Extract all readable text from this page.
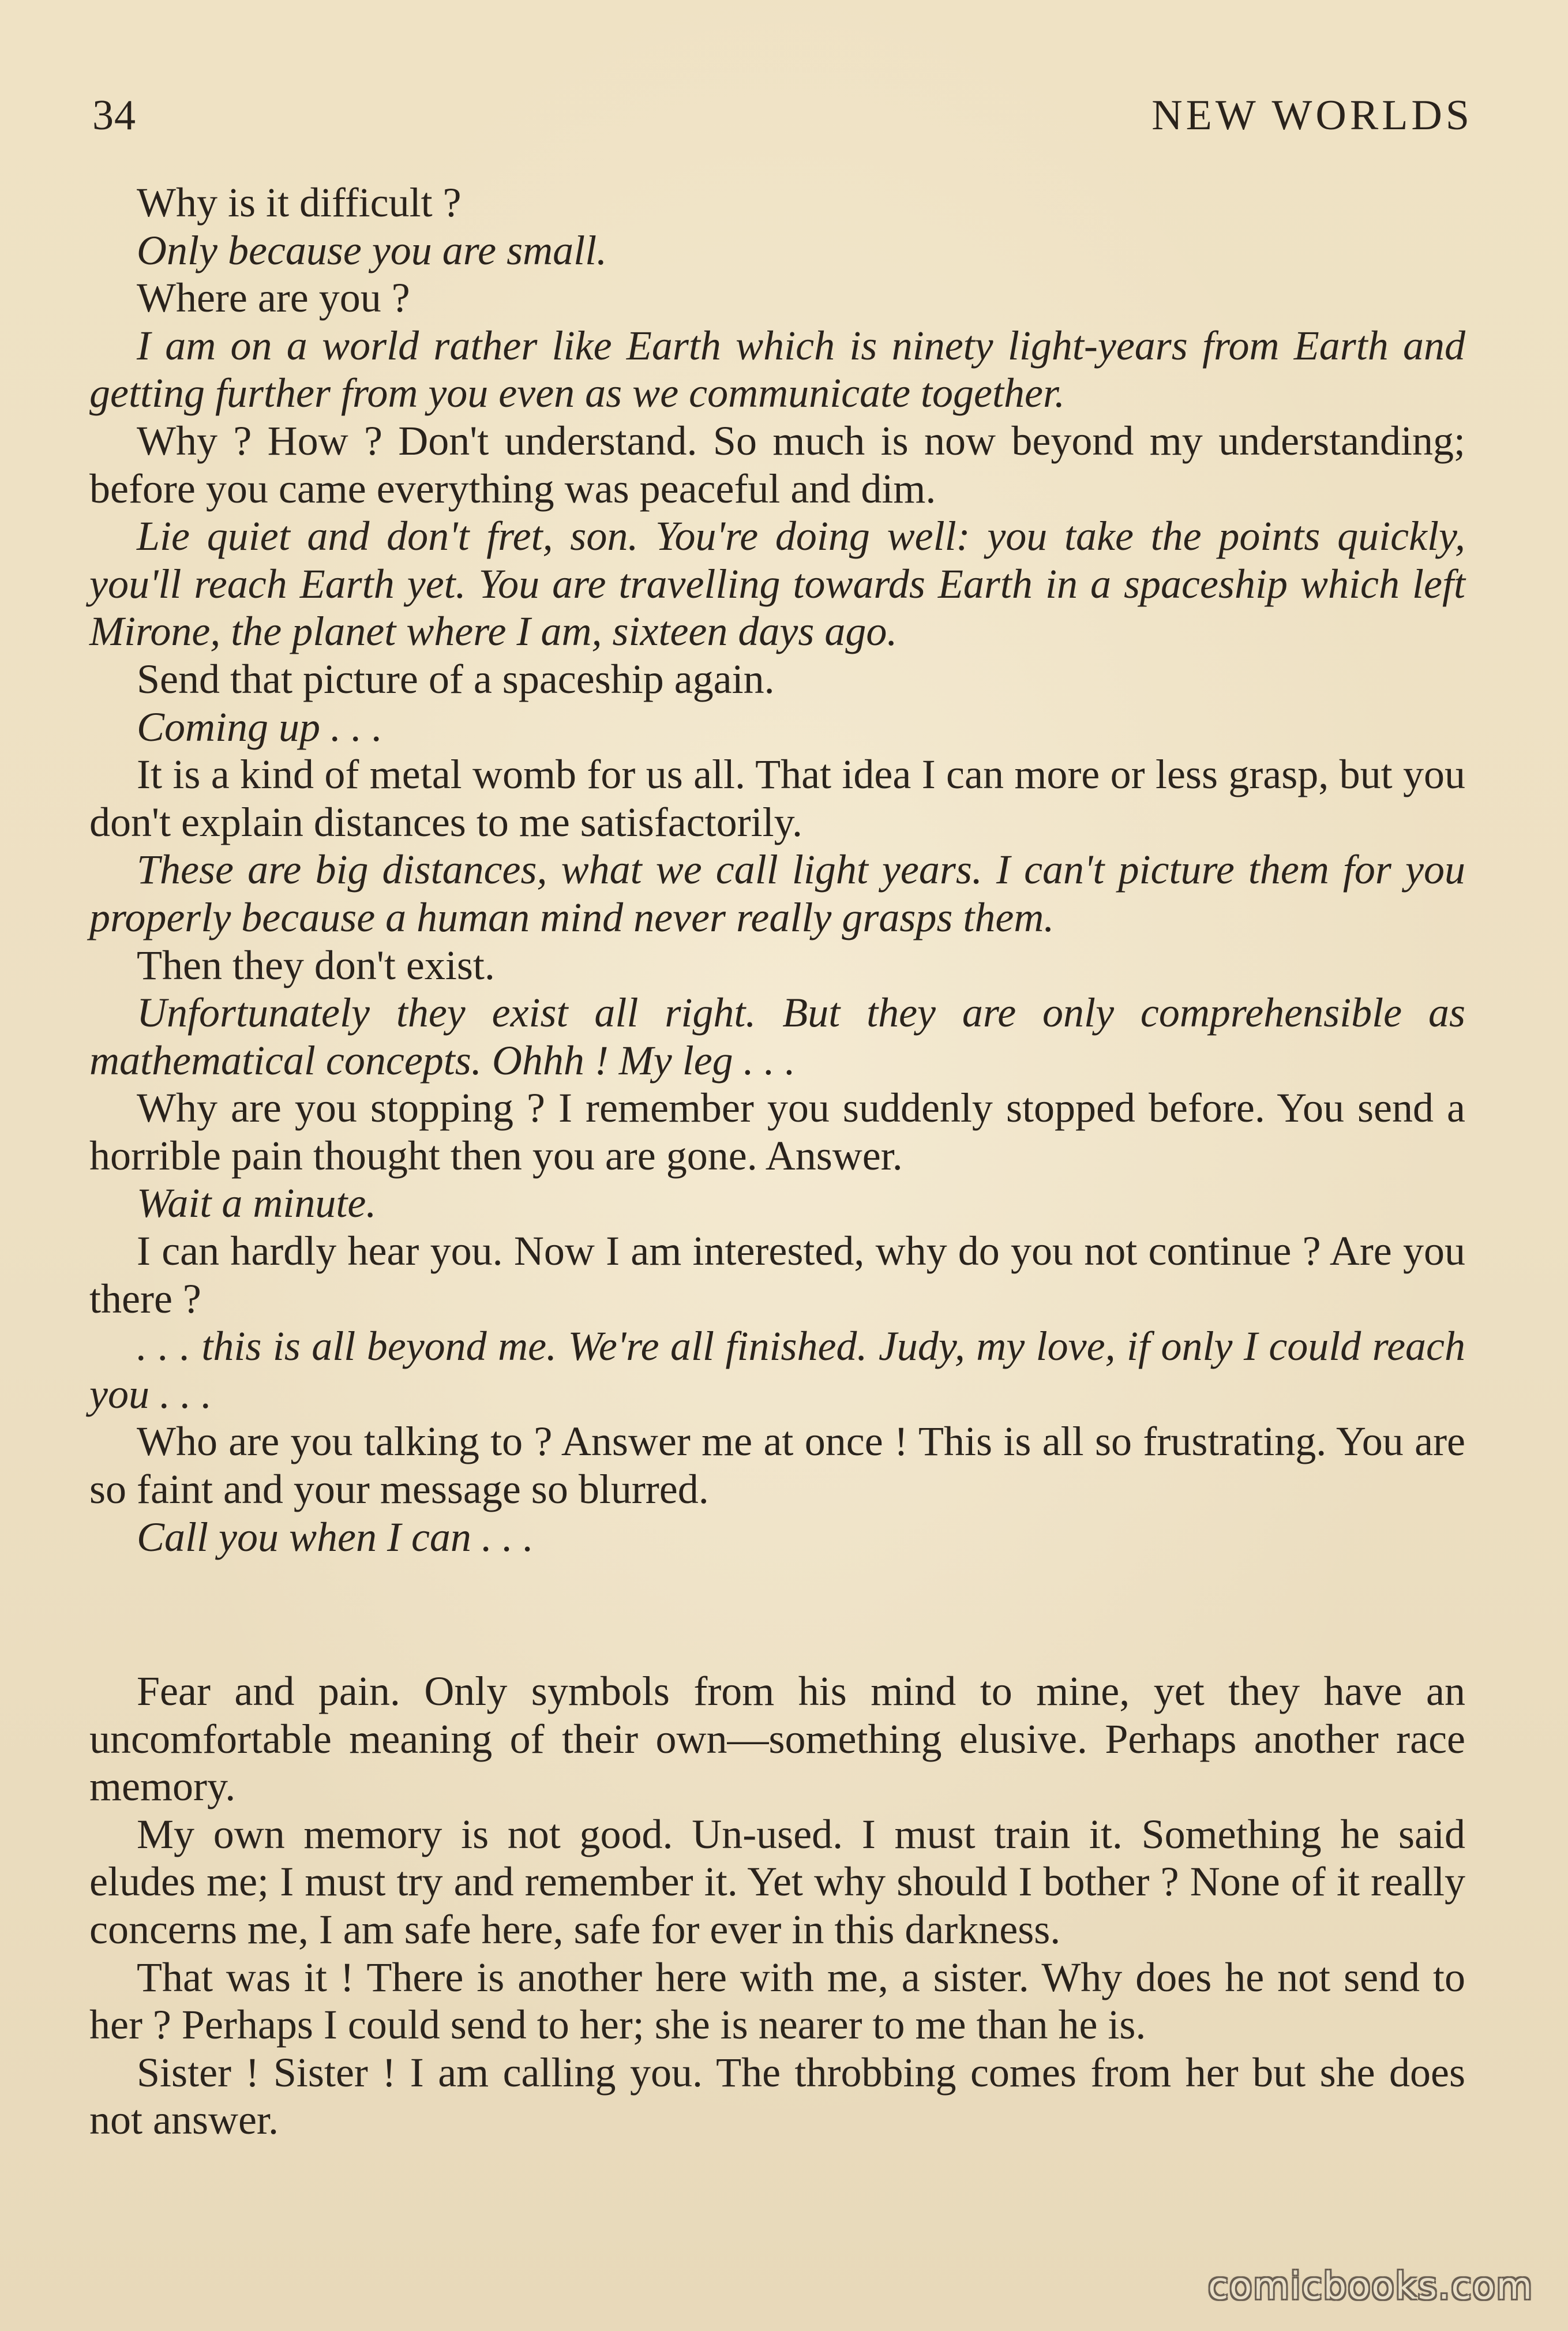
34	NEW WORLDS

Why is it difficult ?

Only because you are small.

Where are you ?

I am on a world rather like Earth which is ninety light-years from Earth and getting further from you even as we communicate together.

Why ? How ? Don't understand. So much is now beyond my understanding; before you came everything was peaceful and dim.

Lie quiet and don't fret, son. You're doing well: you take the points quickly, you'll reach Earth yet. You are travelling towards Earth in a spaceship which left Mirone, the planet where I am, sixteen days ago.

Send that picture of a spaceship again.

Coming up . . .

It is a kind of metal womb for us all. That idea I can more or less grasp, but you don't explain distances to me satisfactorily.

These are big distances, what we call light years. I can't picture them for you properly because a human mind never really grasps them.

Then they don't exist.

Unfortunately they exist all right. But they are only comprehensible as mathematical concepts. Ohhh ! My leg . . .

Why are you stopping ? I remember you suddenly stopped before. You send a horrible pain thought then you are gone. Answer.

Wait a minute.

I can hardly hear you. Now I am interested, why do you not continue ? Are you there ?

. . . this is all beyond me. We're all finished. Judy, my love, if only I could reach you . . .

Who are you talking to ? Answer me at once ! This is all so frustrating. You are so faint and your message so blurred.

Call you when I can . . .

Fear and pain. Only symbols from his mind to mine, yet they have an uncomfortable meaning of their own—something elusive. Perhaps another race memory.

My own memory is not good. Un-used. I must train it. Something he said eludes me; I must try and remember it. Yet why should I bother ? None of it really concerns me, I am safe here, safe for ever in this darkness.

That was it ! There is another here with me, a sister. Why does he not send to her ? Perhaps I could send to her; she is nearer to me than he is.

Sister ! Sister ! I am calling you. The throbbing comes from her but she does not answer.

comicbooks.com
